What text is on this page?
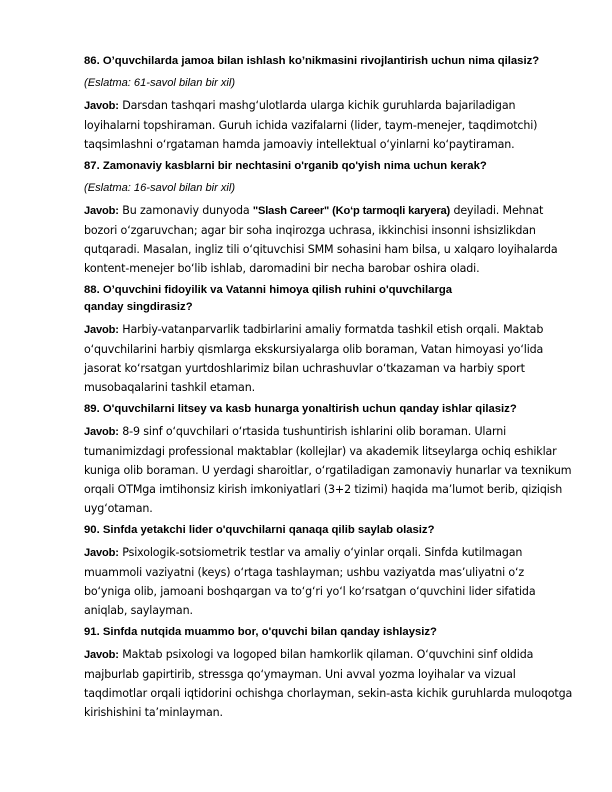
86. O’quvchilarda jamoa bilan ishlash ko’nikmasini rivojlantirish uchun nima qilasiz?

(Eslatma: 61-savol bilan bir xil)

Javob: Darsdan tashqari mashg‘ulotlarda ularga kichik guruhlarda bajariladigan loyihalarni topshiraman. Guruh ichida vazifalarni (lider, taym-menejer, taqdimotchi) taqsimlashni o‘rgataman hamda jamoaviy intellektual o‘yinlarni ko‘paytiraman.

87. Zamonaviy kasblarni bir nechtasini o'rganib qo'yish nima uchun kerak?

(Eslatma: 16-savol bilan bir xil)

Javob: Bu zamonaviy dunyoda "Slash Career" (Ko‘p tarmoqli karyera) deyiladi. Mehnat bozori o‘zgaruvchan; agar bir soha inqirozga uchrasa, ikkinchisi insonni ishsizlikdan qutqaradi. Masalan, ingliz tili o‘qituvchisi SMM sohasini ham bilsa, u xalqaro loyihalarda kontent-menejer bo‘lib ishlab, daromadini bir necha barobar oshira oladi.

88. O’quvchini fidoyilik va Vatanni himoya qilish ruhini o'quvchilarga qanday singdirasiz?

Javob: Harbiy-vatanparvarlik tadbirlarini amaliy formatda tashkil etish orqali. Maktab o‘quvchilarini harbiy qismlarga ekskursiyalarga olib boraman, Vatan himoyasi yo‘lida jasorat ko‘rsatgan yurtdoshlarimiz bilan uchrashuvlar o‘tkazaman va harbiy sport musobaqalarini tashkil etaman.

89. O'quvchilarni litsey va kasb hunarga yonaltirish uchun qanday ishlar qilasiz?

Javob: 8-9 sinf o‘quvchilari o‘rtasida tushuntirish ishlarini olib boraman. Ularni tumanimizdagi professional maktablar (kollejlar) va akademik litseylarga ochiq eshiklar kuniga olib boraman. U yerdagi sharoitlar, o‘rgatiladigan zamonaviy hunarlar va texnikum orqali OTMga imtihonsiz kirish imkoniyatlari (3+2 tizimi) haqida ma’lumot berib, qiziqish uyg‘otaman.

90. Sinfda yetakchi lider o'quvchilarni qanaqa qilib saylab olasiz?

Javob: Psixologik-sotsiometrik testlar va amaliy o‘yinlar orqali. Sinfda kutilmagan muammoli vaziyatni (keys) o‘rtaga tashlayman; ushbu vaziyatda mas’uliyatni o‘z bo‘yniga olib, jamoani boshqargan va to‘g‘ri yo‘l ko‘rsatgan o‘quvchini lider sifatida aniqlab, saylayman.

91. Sinfda nutqida muammo bor, o'quvchi bilan qanday ishlaysiz?

Javob: Maktab psixologi va logoped bilan hamkorlik qilaman. O‘quvchini sinf oldida majburlab gapirtirib, stressga qo‘ymayman. Uni avval yozma loyihalar va vizual taqdimotlar orqali iqtidorini ochishga chorlayman, sekin-asta kichik guruhlarda muloqotga kirishishini ta’minlayman.
